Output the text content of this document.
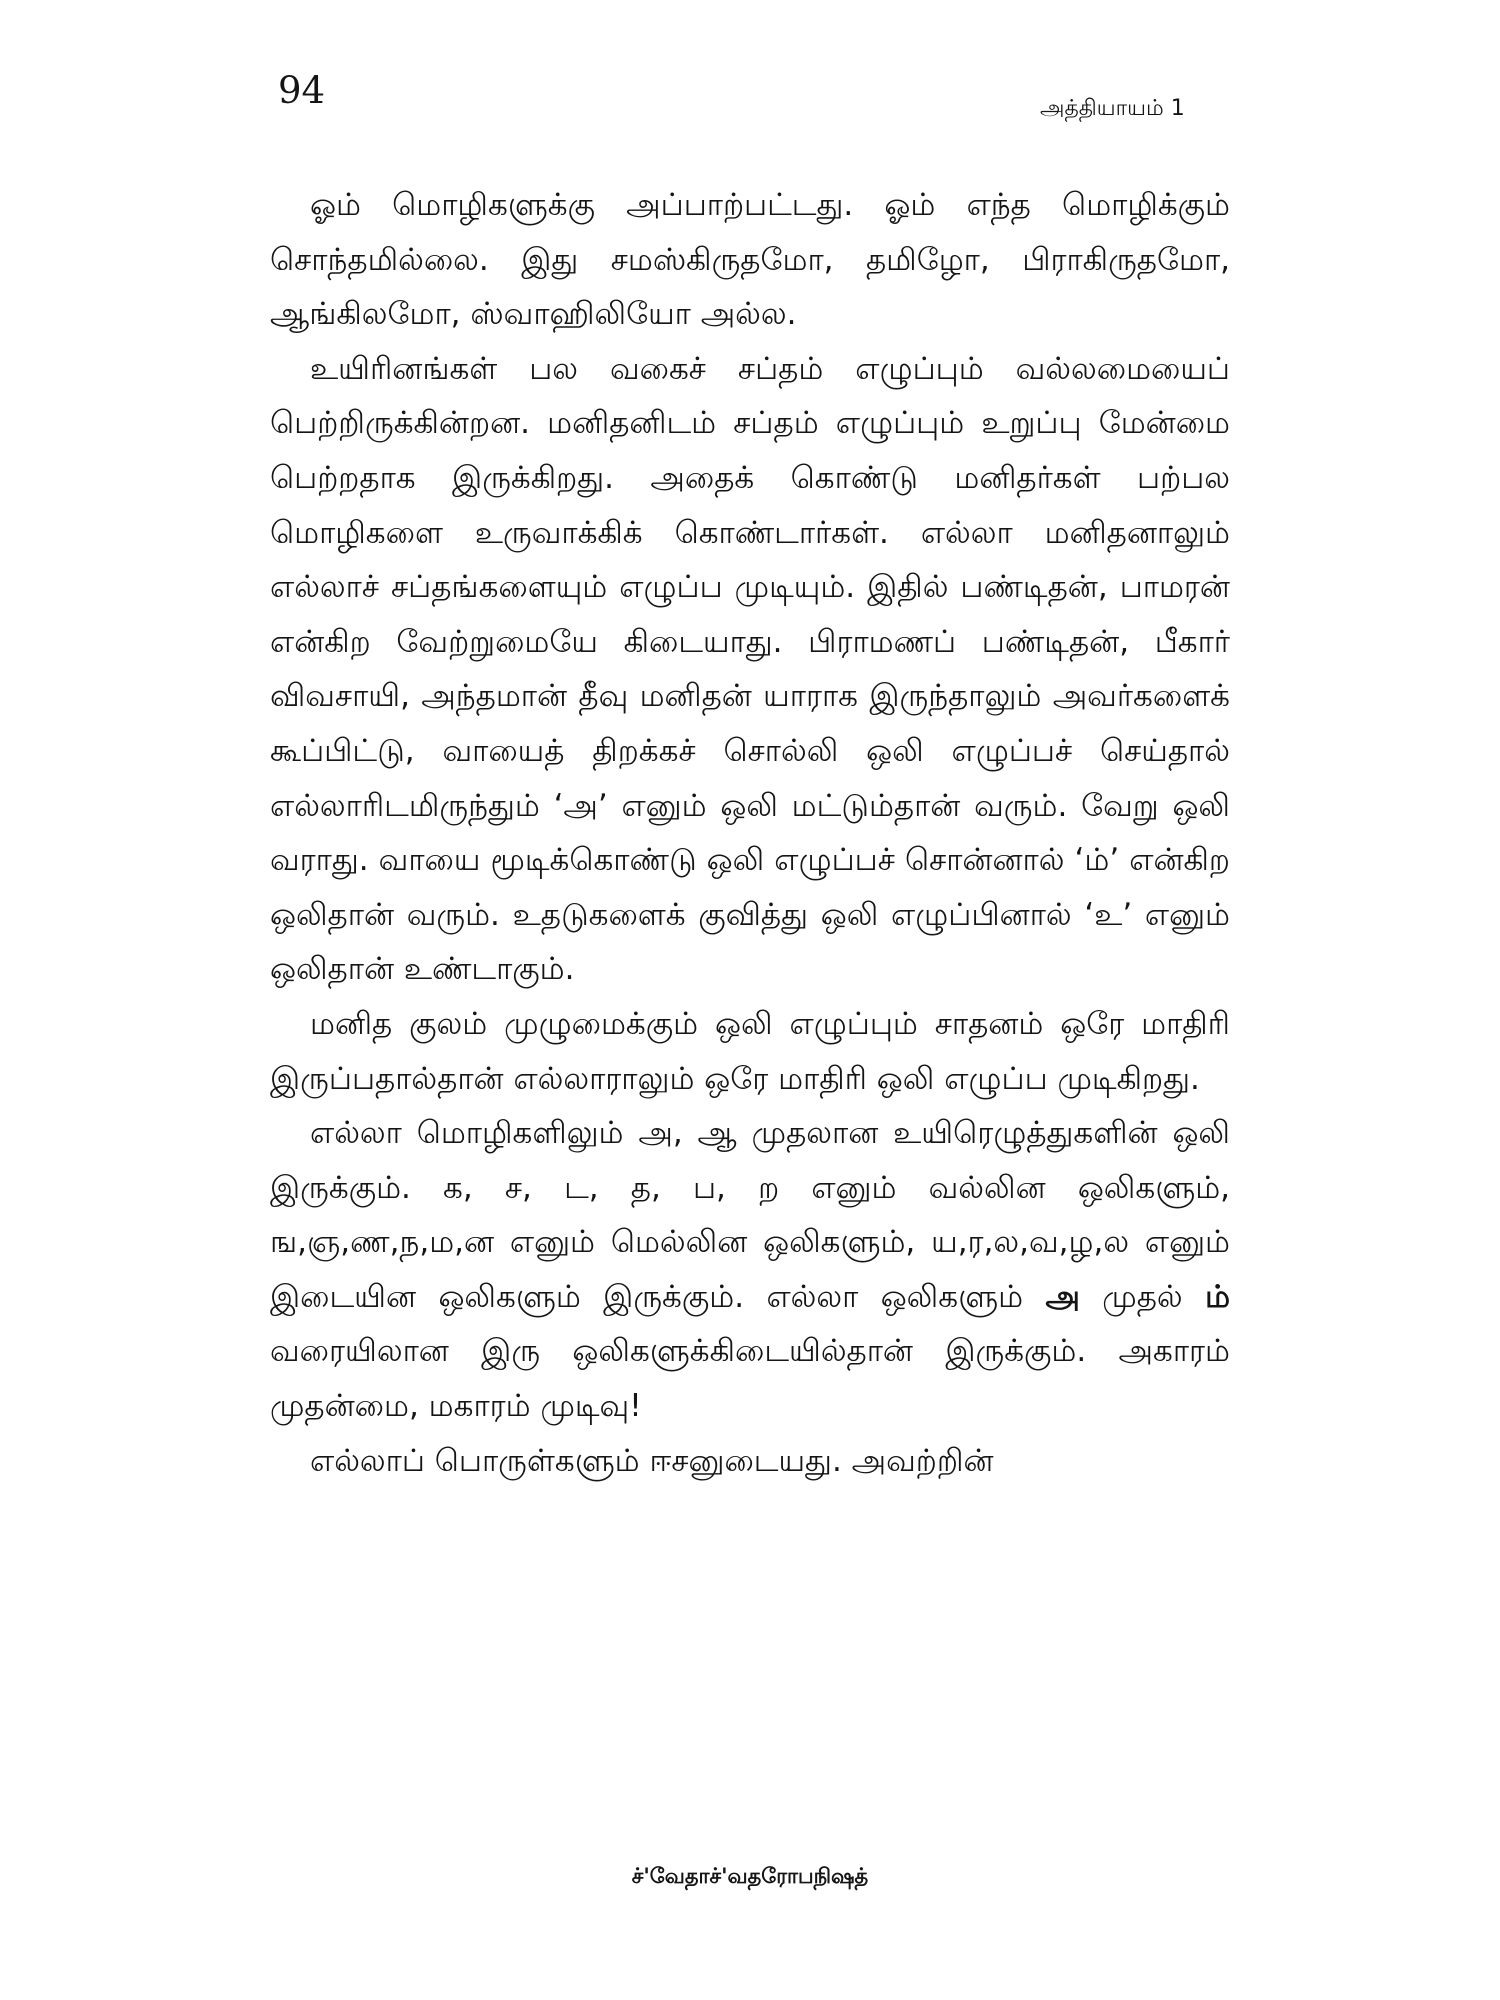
94	அத்தியாயம் 1

ஓம் மொழிகளுக்கு அப்பாற்பட்டது. ஓம் எந்த மொழிக்கும் சொந்தமில்லை. இது சமஸ்கிருதமோ, தமிழோ, பிராகிருதமோ, ஆங்கிலமோ, ஸ்வாஹிலியோ அல்ல.

உயிரினங்கள் பல வகைச் சப்தம் எழுப்பும் வல்லமையைப் பெற்றிருக்கின்றன. மனிதனிடம் சப்தம் எழுப்பும் உறுப்பு மேன்மை பெற்றதாக இருக்கிறது. அதைக் கொண்டு மனிதர்கள் பற்பல மொழிகளை உருவாக்கிக் கொண்டார்கள். எல்லா மனிதனாலும் எல்லாச் சப்தங்களையும் எழுப்ப முடியும். இதில் பண்டிதன், பாமரன் என்கிற வேற்றுமையே கிடையாது. பிராமணப் பண்டிதன், பீகார் விவசாயி, அந்தமான் தீவு மனிதன் யாராக இருந்தாலும் அவர்களைக் கூப்பிட்டு, வாயைத் திறக்கச் சொல்லி ஒலி எழுப்பச் செய்தால் எல்லாரிடமிருந்தும் ‘அ’ எனும் ஒலி மட்டும்தான் வரும். வேறு ஒலி வராது. வாயை மூடிக்கொண்டு ஒலி எழுப்பச் சொன்னால் ‘ம்’ என்கிற ஒலிதான் வரும். உதடுகளைக் குவித்து ஒலி எழுப்பினால் ‘உ’ எனும் ஒலிதான் உண்டாகும்.

மனித குலம் முழுமைக்கும் ஒலி எழுப்பும் சாதனம் ஒரே மாதிரி இருப்பதால்தான் எல்லாராலும் ஒரே மாதிரி ஒலி எழுப்ப முடிகிறது.

எல்லா மொழிகளிலும் அ, ஆ முதலான உயிரெழுத்துகளின் ஒலி இருக்கும். க, ச, ட, த, ப, ற எனும் வல்லின ஒலிகளும், ங,ஞ,ண,ந,ம,ன எனும் மெல்லின ஒலிகளும், ய,ர,ல,வ,ழ,ல எனும் இடையின ஒலிகளும் இருக்கும். எல்லா ஒலிகளும் அ முதல் ம் வரையிலான இரு ஒலிகளுக்கிடையில்தான் இருக்கும். அகாரம் முதன்மை, மகாரம் முடிவு!

எல்லாப் பொருள்களும் ஈசனுடையது. அவற்றின்

ச்'வேதாச்'வதரோபநிஷத்
